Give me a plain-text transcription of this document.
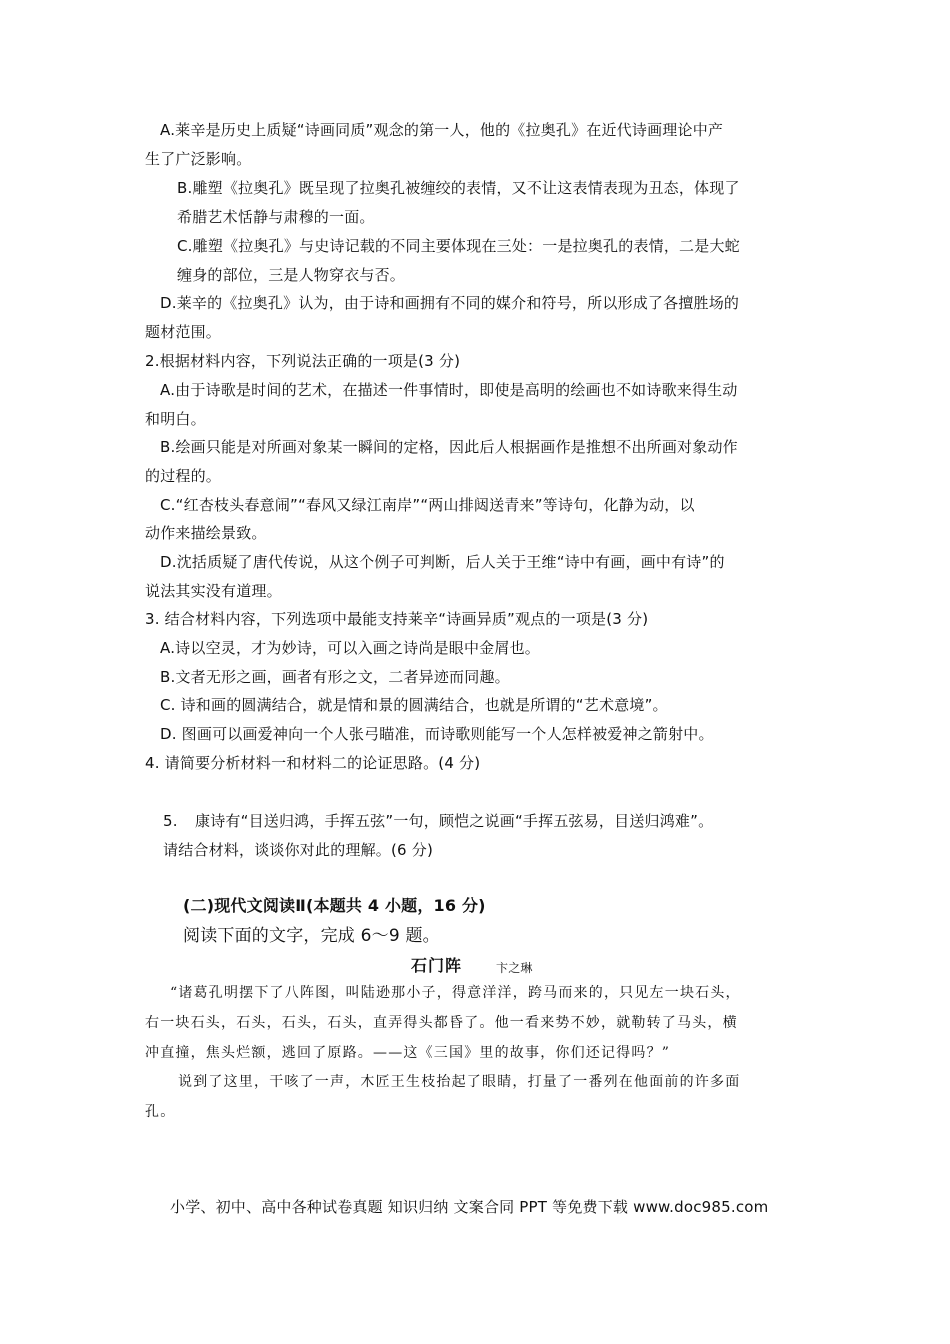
A.莱辛是历史上质疑“诗画同质”观念的第一人，他的《拉奥孔》在近代诗画理论中产
生了广泛影响。
B.雕塑《拉奥孔》既呈现了拉奥孔被缠绞的表情，又不让这表情表现为丑态，体现了
希腊艺术恬静与肃穆的一面。
C.雕塑《拉奥孔》与史诗记载的不同主要体现在三处：一是拉奥孔的表情，二是大蛇
缠身的部位，三是人物穿衣与否。
D.莱辛的《拉奥孔》认为，由于诗和画拥有不同的媒介和符号，所以形成了各擅胜场的
题材范围。
2.根据材料内容，下列说法正确的一项是(3 分)
A.由于诗歌是时间的艺术，在描述一件事情时，即使是高明的绘画也不如诗歌来得生动
和明白。
B.绘画只能是对所画对象某一瞬间的定格，因此后人根据画作是推想不出所画对象动作
的过程的。
C.“红杏枝头春意闹”“春风又绿江南岸”“两山排闼送青来”等诗句，化静为动，以
动作来描绘景致。
D.沈括质疑了唐代传说，从这个例子可判断，后人关于王维“诗中有画，画中有诗”的
说法其实没有道理。
3. 结合材料内容，下列选项中最能支持莱辛“诗画异质”观点的一项是(3 分)
A.诗以空灵，才为妙诗，可以入画之诗尚是眼中金屑也。
B.文者无形之画，画者有形之文，二者异迹而同趣。
C. 诗和画的圆满结合，就是情和景的圆满结合，也就是所谓的“艺术意境”。
D. 图画可以画爱神向一个人张弓瞄准，而诗歌则能写一个人怎样被爱神之箭射中。
4. 请简要分析材料一和材料二的论证思路。(4 分)
5. 康诗有“目送归鸿，手挥五弦”一句，顾恺之说画“手挥五弦易，目送归鸿难”。
请结合材料，谈谈你对此的理解。(6 分)
(二)现代文阅读Ⅱ(本题共 4 小题，16 分)
阅读下面的文字，完成 6～9 题。
石门阵	卞之琳
“诸葛孔明摆下了八阵图，叫陆逊那小子，得意洋洋，跨马而来的，只见左一块石头，
右一块石头，石头，石头，石头，直弄得头都昏了。他一看来势不妙，就勒转了马头，横
冲直撞，焦头烂额，逃回了原路。——这《三国》里的故事，你们还记得吗？”
说到了这里，干咳了一声，木匠王生枝抬起了眼睛，打量了一番列在他面前的许多面
孔。
小学、初中、高中各种试卷真题 知识归纳 文案合同 PPT 等免费下载 www.doc985.com
